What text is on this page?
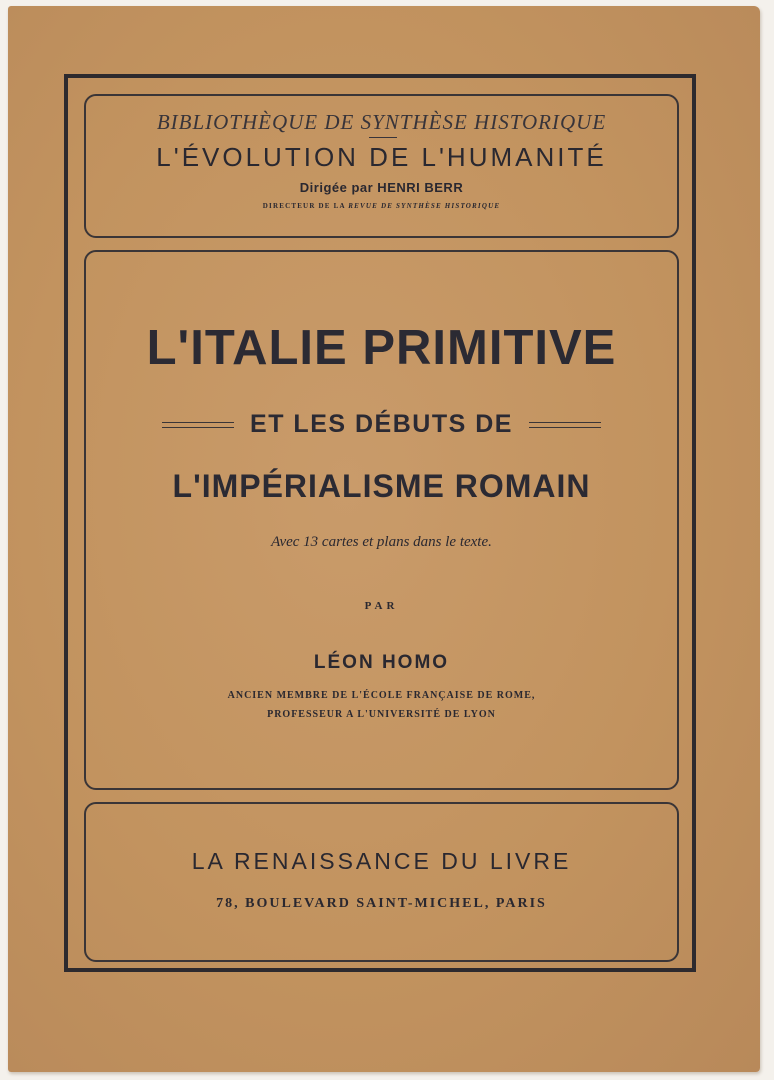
BIBLIOTHÈQUE DE SYNTHÈSE HISTORIQUE
L'ÉVOLUTION DE L'HUMANITÉ
Dirigée par HENRI BERR
DIRECTEUR DE LA REVUE DE SYNTHÈSE HISTORIQUE
L'ITALIE PRIMITIVE
ET LES DÉBUTS DE
L'IMPÉRIALISME ROMAIN
Avec 13 cartes et plans dans le texte.
PAR
LÉON HOMO
ANCIEN MEMBRE DE L'ÉCOLE FRANÇAISE DE ROME,
PROFESSEUR A L'UNIVERSITÉ DE LYON
LA RENAISSANCE DU LIVRE
78, BOULEVARD SAINT-MICHEL, PARIS
